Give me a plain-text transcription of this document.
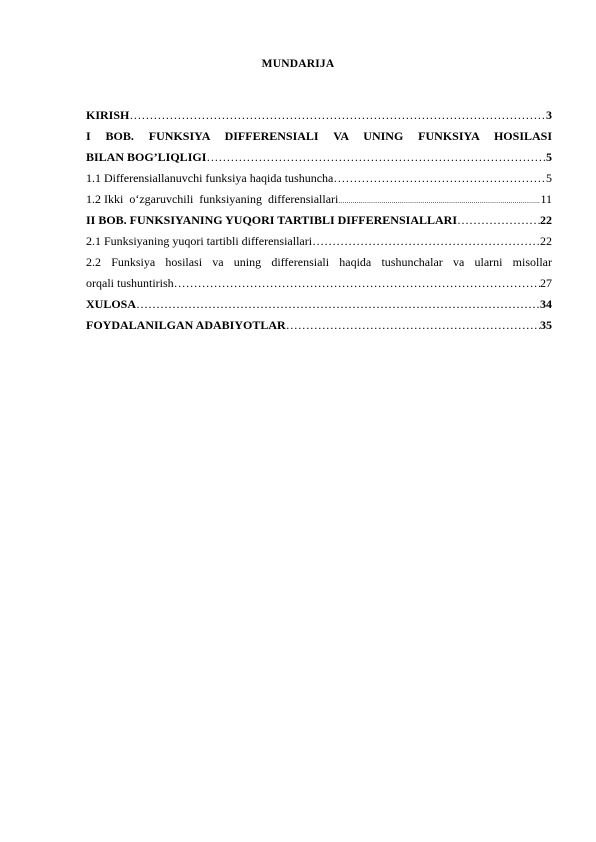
MUNDARIJA
KIRISH …………………………………………………………………………………………………………………………………………………………………………………………	3
I BOB. FUNKSIYA DIFFERENSIALI VA UNING FUNKSIYA HOSILASI
BILAN BOG’LIQLIGI …………………………………………………………………………………………………………………………………………………………………………………………	5
1.1 Differensiallanuvchi funksiya haqida tushuncha …………………………………………………………………………………………………………………………………………………………………………………………	5
1.2 Ikki  o‘zgaruvchili  funksiyaning  differensiallari .....	11
II BOB. FUNKSIYANING YUQORI TARTIBLI DIFFERENSIALLARI …………………………………………………………………………………………………………………………………………………………………………………………	22
2.1 Funksiyaning yuqori tartibli differensiallari …………………………………………………………………………………………………………………………………………………………………………………………	22
2.2 Funksiya hosilasi va uning differensiali haqida tushunchalar va ularni misollar
orqali tushuntirish …………………………………………………………………………………………………………………………………………………………………………………………	27
XULOSA …………………………………………………………………………………………………………………………………………………………………………………………	34
FOYDALANILGAN ADABIYOTLAR …………………………………………………………………………………………………………………………………………………………………………………………	35
